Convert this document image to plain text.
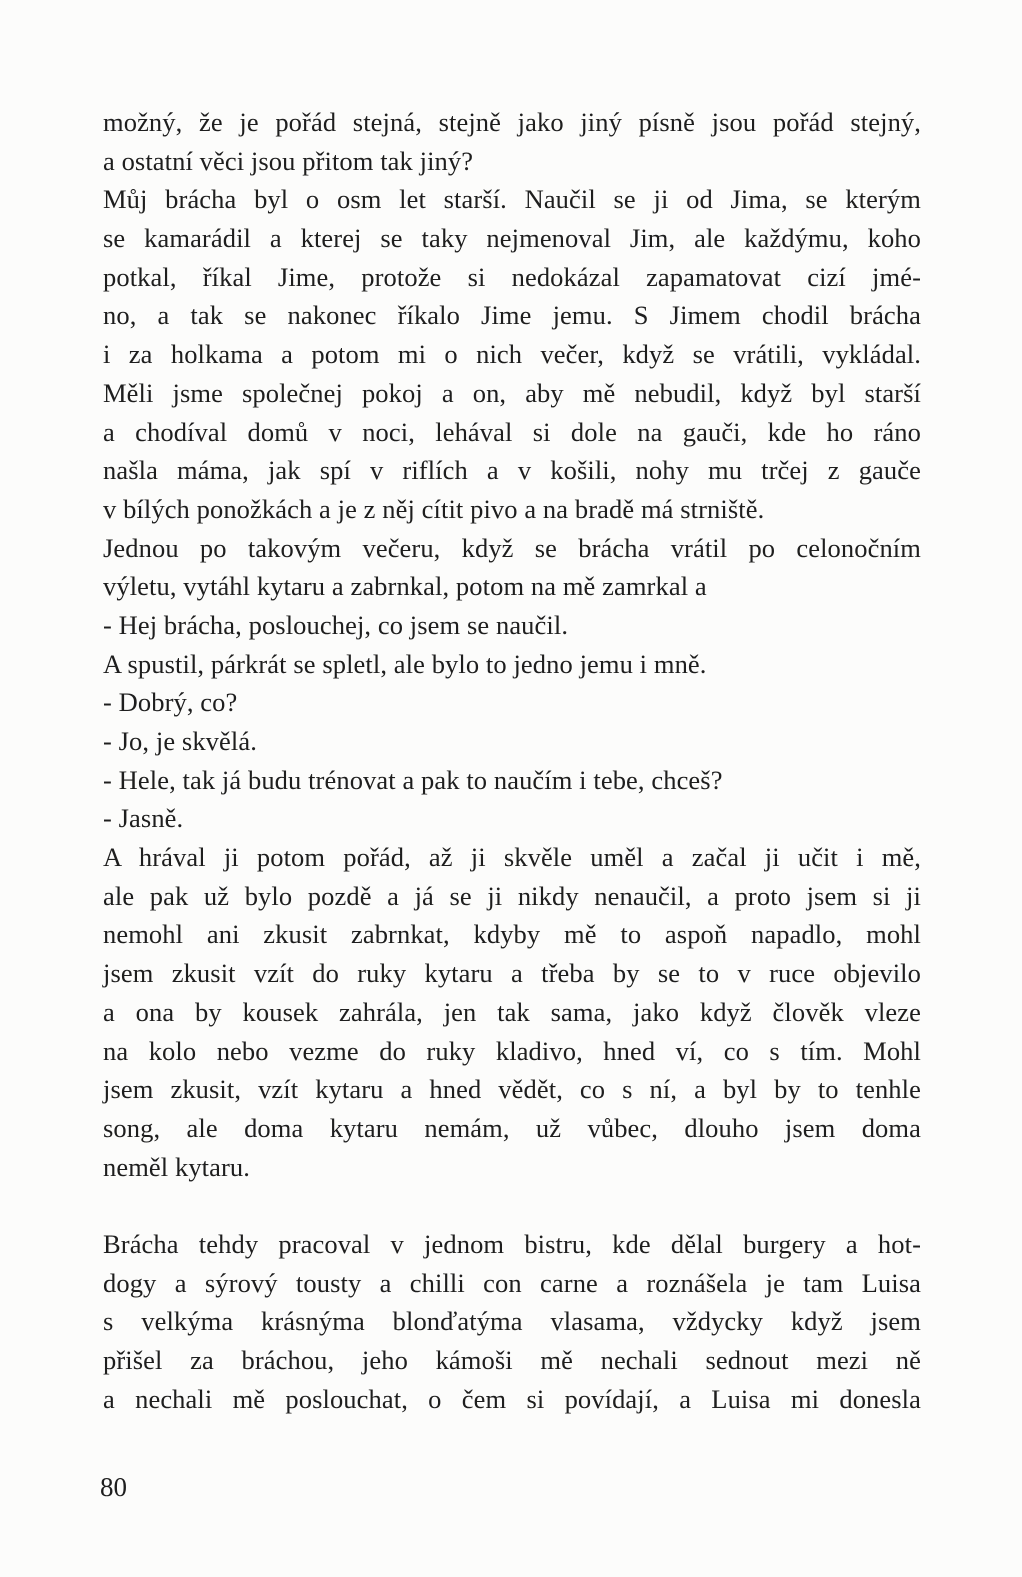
možný, že je pořád stejná, stejně jako jiný písně jsou pořád stejný,
a ostatní věci jsou přitom tak jiný?
Můj brácha byl o osm let starší. Naučil se ji od Jima, se kterým
se kamarádil a kterej se taky nejmenoval Jim, ale každýmu, koho
potkal, říkal Jime, protože si nedokázal zapamatovat cizí jmé-
no, a tak se nakonec říkalo Jime jemu. S Jimem chodil brácha
i za holkama a potom mi o nich večer, když se vrátili, vykládal.
Měli jsme společnej pokoj a on, aby mě nebudil, když byl starší
a chodíval domů v noci, lehával si dole na gauči, kde ho ráno
našla máma, jak spí v riflích a v košili, nohy mu trčej z gauče
v bílých ponožkách a je z něj cítit pivo a na bradě má strniště.
Jednou po takovým večeru, když se brácha vrátil po celonočním
výletu, vytáhl kytaru a zabrnkal, potom na mě zamrkal a
- Hej brácha, poslouchej, co jsem se naučil.
A spustil, párkrát se spletl, ale bylo to jedno jemu i mně.
- Dobrý, co?
- Jo, je skvělá.
- Hele, tak já budu trénovat a pak to naučím i tebe, chceš?
- Jasně.
A hrával ji potom pořád, až ji skvěle uměl a začal ji učit i mě,
ale pak už bylo pozdě a já se ji nikdy nenaučil, a proto jsem si ji
nemohl ani zkusit zabrnkat, kdyby mě to aspoň napadlo, mohl
jsem zkusit vzít do ruky kytaru a třeba by se to v ruce objevilo
a ona by kousek zahrála, jen tak sama, jako když člověk vleze
na kolo nebo vezme do ruky kladivo, hned ví, co s tím. Mohl
jsem zkusit, vzít kytaru a hned vědět, co s ní, a byl by to tenhle
song, ale doma kytaru nemám, už vůbec, dlouho jsem doma
neměl kytaru.
Brácha tehdy pracoval v jednom bistru, kde dělal burgery a hot-
dogy a sýrový tousty a chilli con carne a roznášela je tam Luisa
s velkýma krásnýma blonďatýma vlasama, vždycky když jsem
přišel za bráchou, jeho kámoši mě nechali sednout mezi ně
a nechali mě poslouchat, o čem si povídají, a Luisa mi donesla
80
